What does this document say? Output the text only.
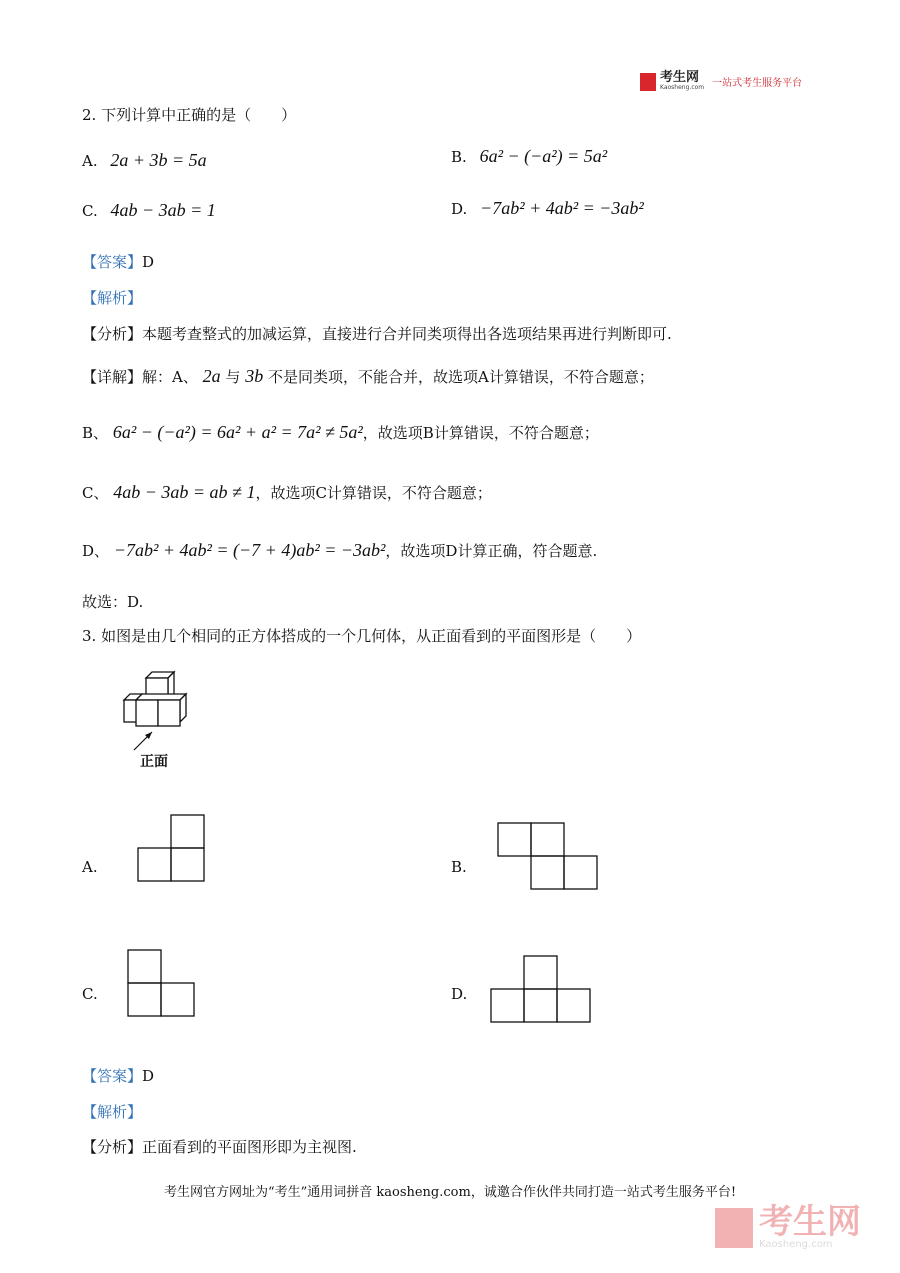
考生网
Kaosheng.com 一站式考生服务平台
2. 下列计算中正确的是（　　）
A. 2a + 3b = 5a	B. 6a² − (−a²) = 5a²
C. 4ab − 3ab = 1	D. −7ab² + 4ab² = −3ab²
【答案】D
【解析】
【分析】本题考查整式的加减运算，直接进行合并同类项得出各选项结果再进行判断即可.
【详解】解：A、 2a 与 3b 不是同类项，不能合并，故选项A计算错误，不符合题意；
B、 6a² − (−a²) = 6a² + a² = 7a² ≠ 5a²，故选项B计算错误，不符合题意；
C、 4ab − 3ab = ab ≠ 1，故选项C计算错误，不符合题意；
D、 −7ab² + 4ab² = (−7 + 4)ab² = −3ab²，故选项D计算正确，符合题意.
故选：D.
3. 如图是由几个相同的正方体搭成的一个几何体，从正面看到的平面图形是（　　）
正面
A.	B.
C.	D.
【答案】D
【解析】
【分析】正面看到的平面图形即为主视图.
考生网官方网址为“考生”通用词拼音 kaosheng.com，诚邀合作伙伴共同打造一站式考生服务平台!
考生网
Kaosheng.com
